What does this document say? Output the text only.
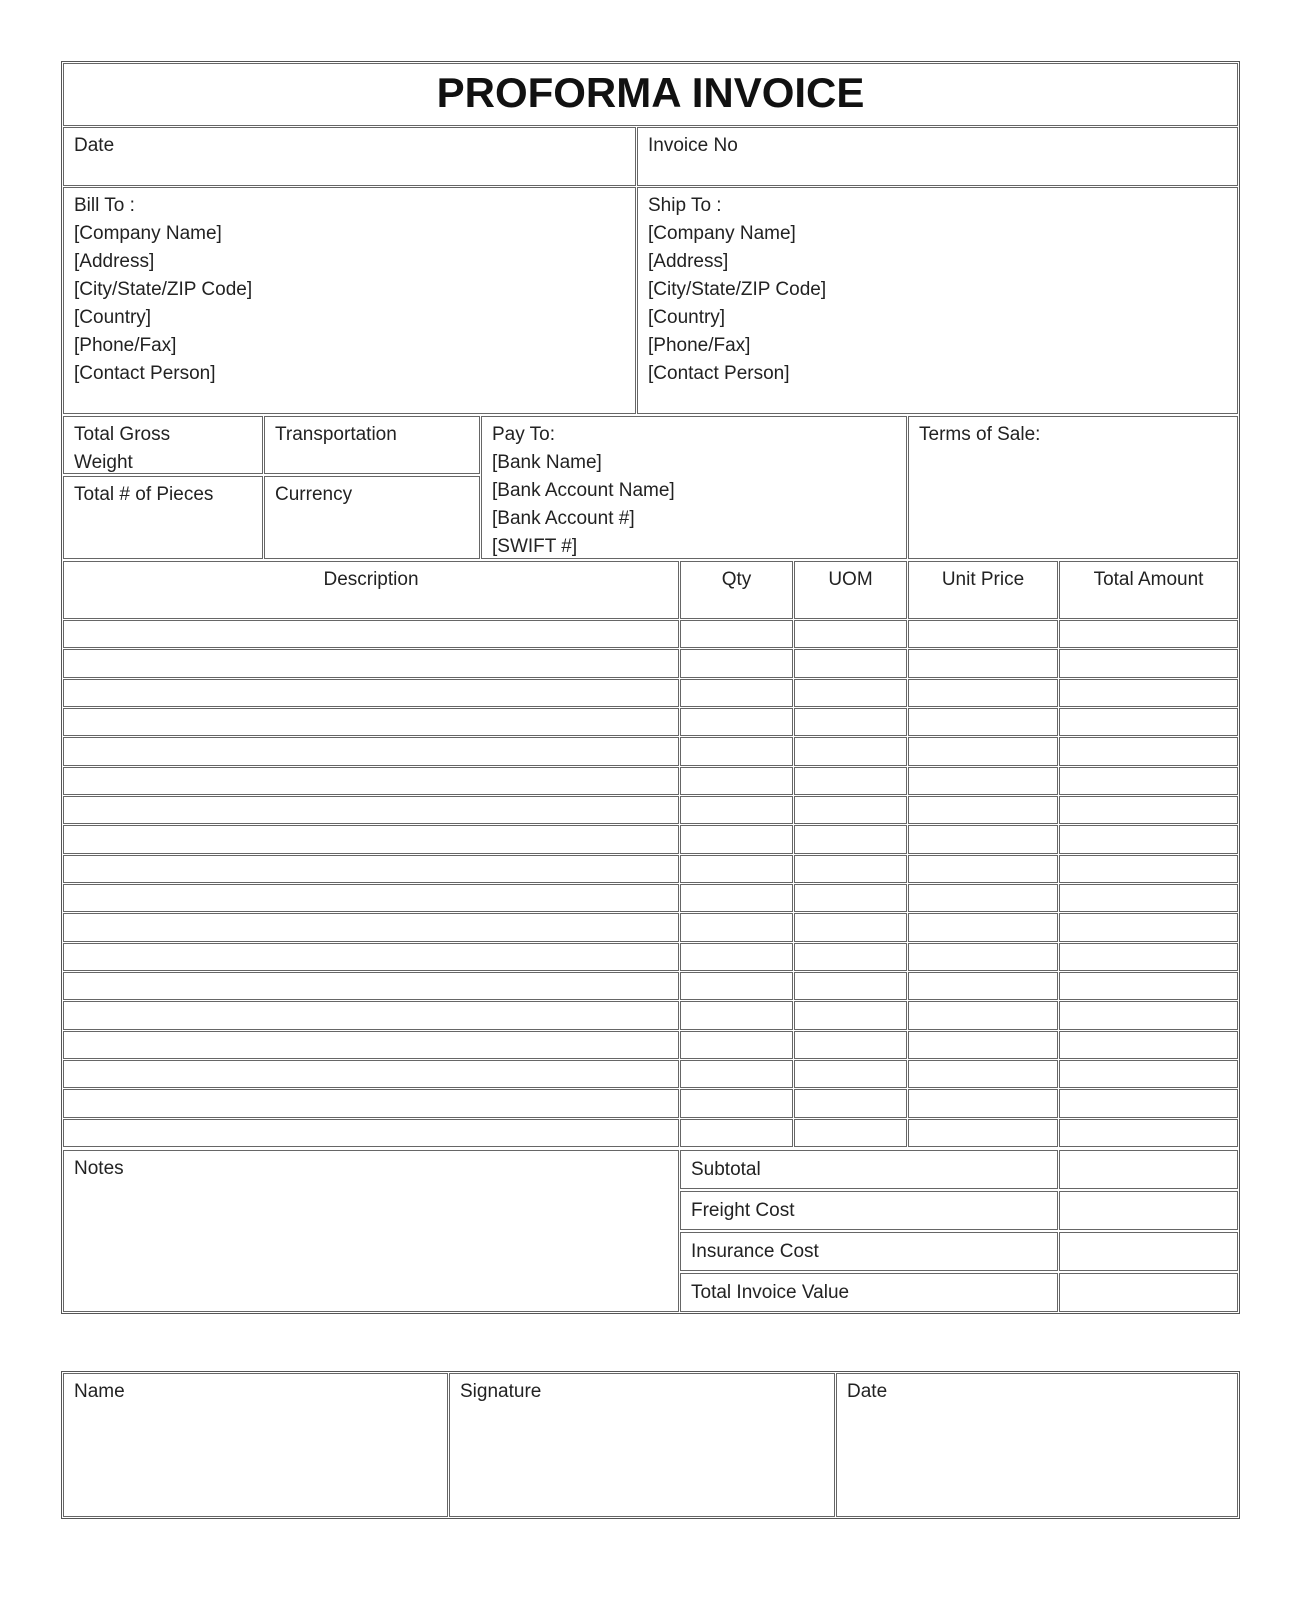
PROFORMA INVOICE
Date	Invoice No
Bill To :
[Company Name]
[Address]
[City/State/ZIP Code]
[Country]
[Phone/Fax]
[Contact Person]
Ship To :
[Company Name]
[Address]
[City/State/ZIP Code]
[Country]
[Phone/Fax]
[Contact Person]
Total Gross Weight
Total # of Pieces
Transportation
Currency
Pay To:
[Bank Name]
[Bank Account Name]
[Bank Account #]
[SWIFT #]
Terms of Sale:
Description	Qty	UOM	Unit Price	Total Amount
Notes	Subtotal
Freight Cost
Insurance Cost
Total Invoice Value
Name	Signature	Date
